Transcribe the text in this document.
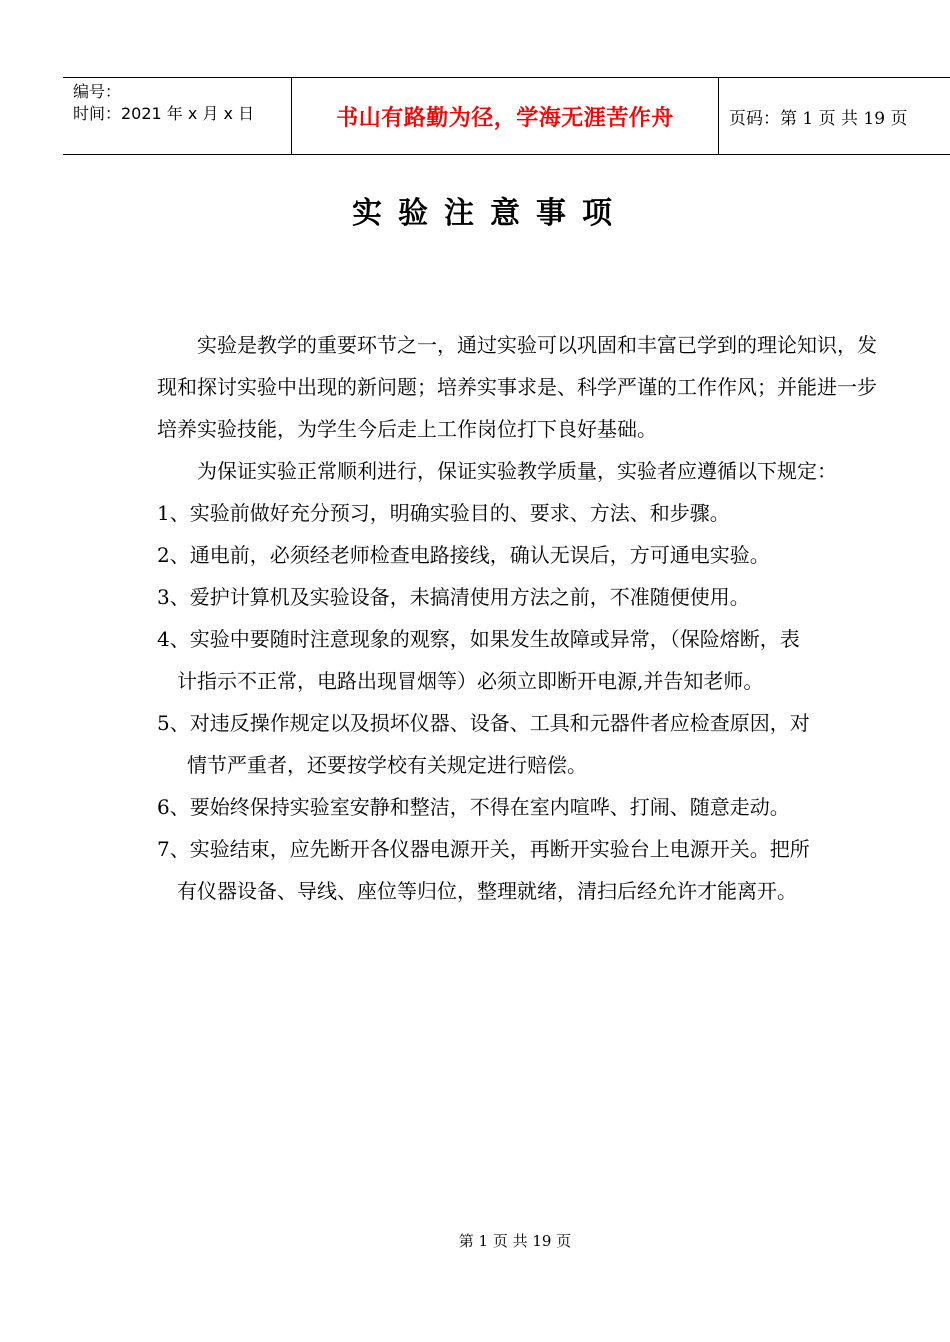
编号：
时间：2021 年 x 月 x 日	书山有路勤为径，学海无涯苦作舟	页码：第 1 页 共 19 页
实验注意事项

实验是教学的重要环节之一，通过实验可以巩固和丰富已学到的理论知识，发现和探讨实验中出现的新问题；培养实事求是、科学严谨的工作作风；并能进一步培养实验技能，为学生今后走上工作岗位打下良好基础。

为保证实验正常顺利进行，保证实验教学质量，实验者应遵循以下规定：

1、实验前做好充分预习，明确实验目的、要求、方法、和步骤。
2、通电前，必须经老师检查电路接线，确认无误后，方可通电实验。
3、爱护计算机及实验设备，未搞清使用方法之前，不准随便使用。
4、实验中要随时注意现象的观察，如果发生故障或异常，（保险熔断，表
计指示不正常，电路出现冒烟等）必须立即断开电源,并告知老师。
5、对违反操作规定以及损坏仪器、设备、工具和元器件者应检查原因，对
情节严重者，还要按学校有关规定进行赔偿。
6、要始终保持实验室安静和整洁，不得在室内喧哗、打闹、随意走动。
7、实验结束，应先断开各仪器电源开关，再断开实验台上电源开关。把所
有仪器设备、导线、座位等归位，整理就绪，清扫后经允许才能离开。
第 1 页 共 19 页
